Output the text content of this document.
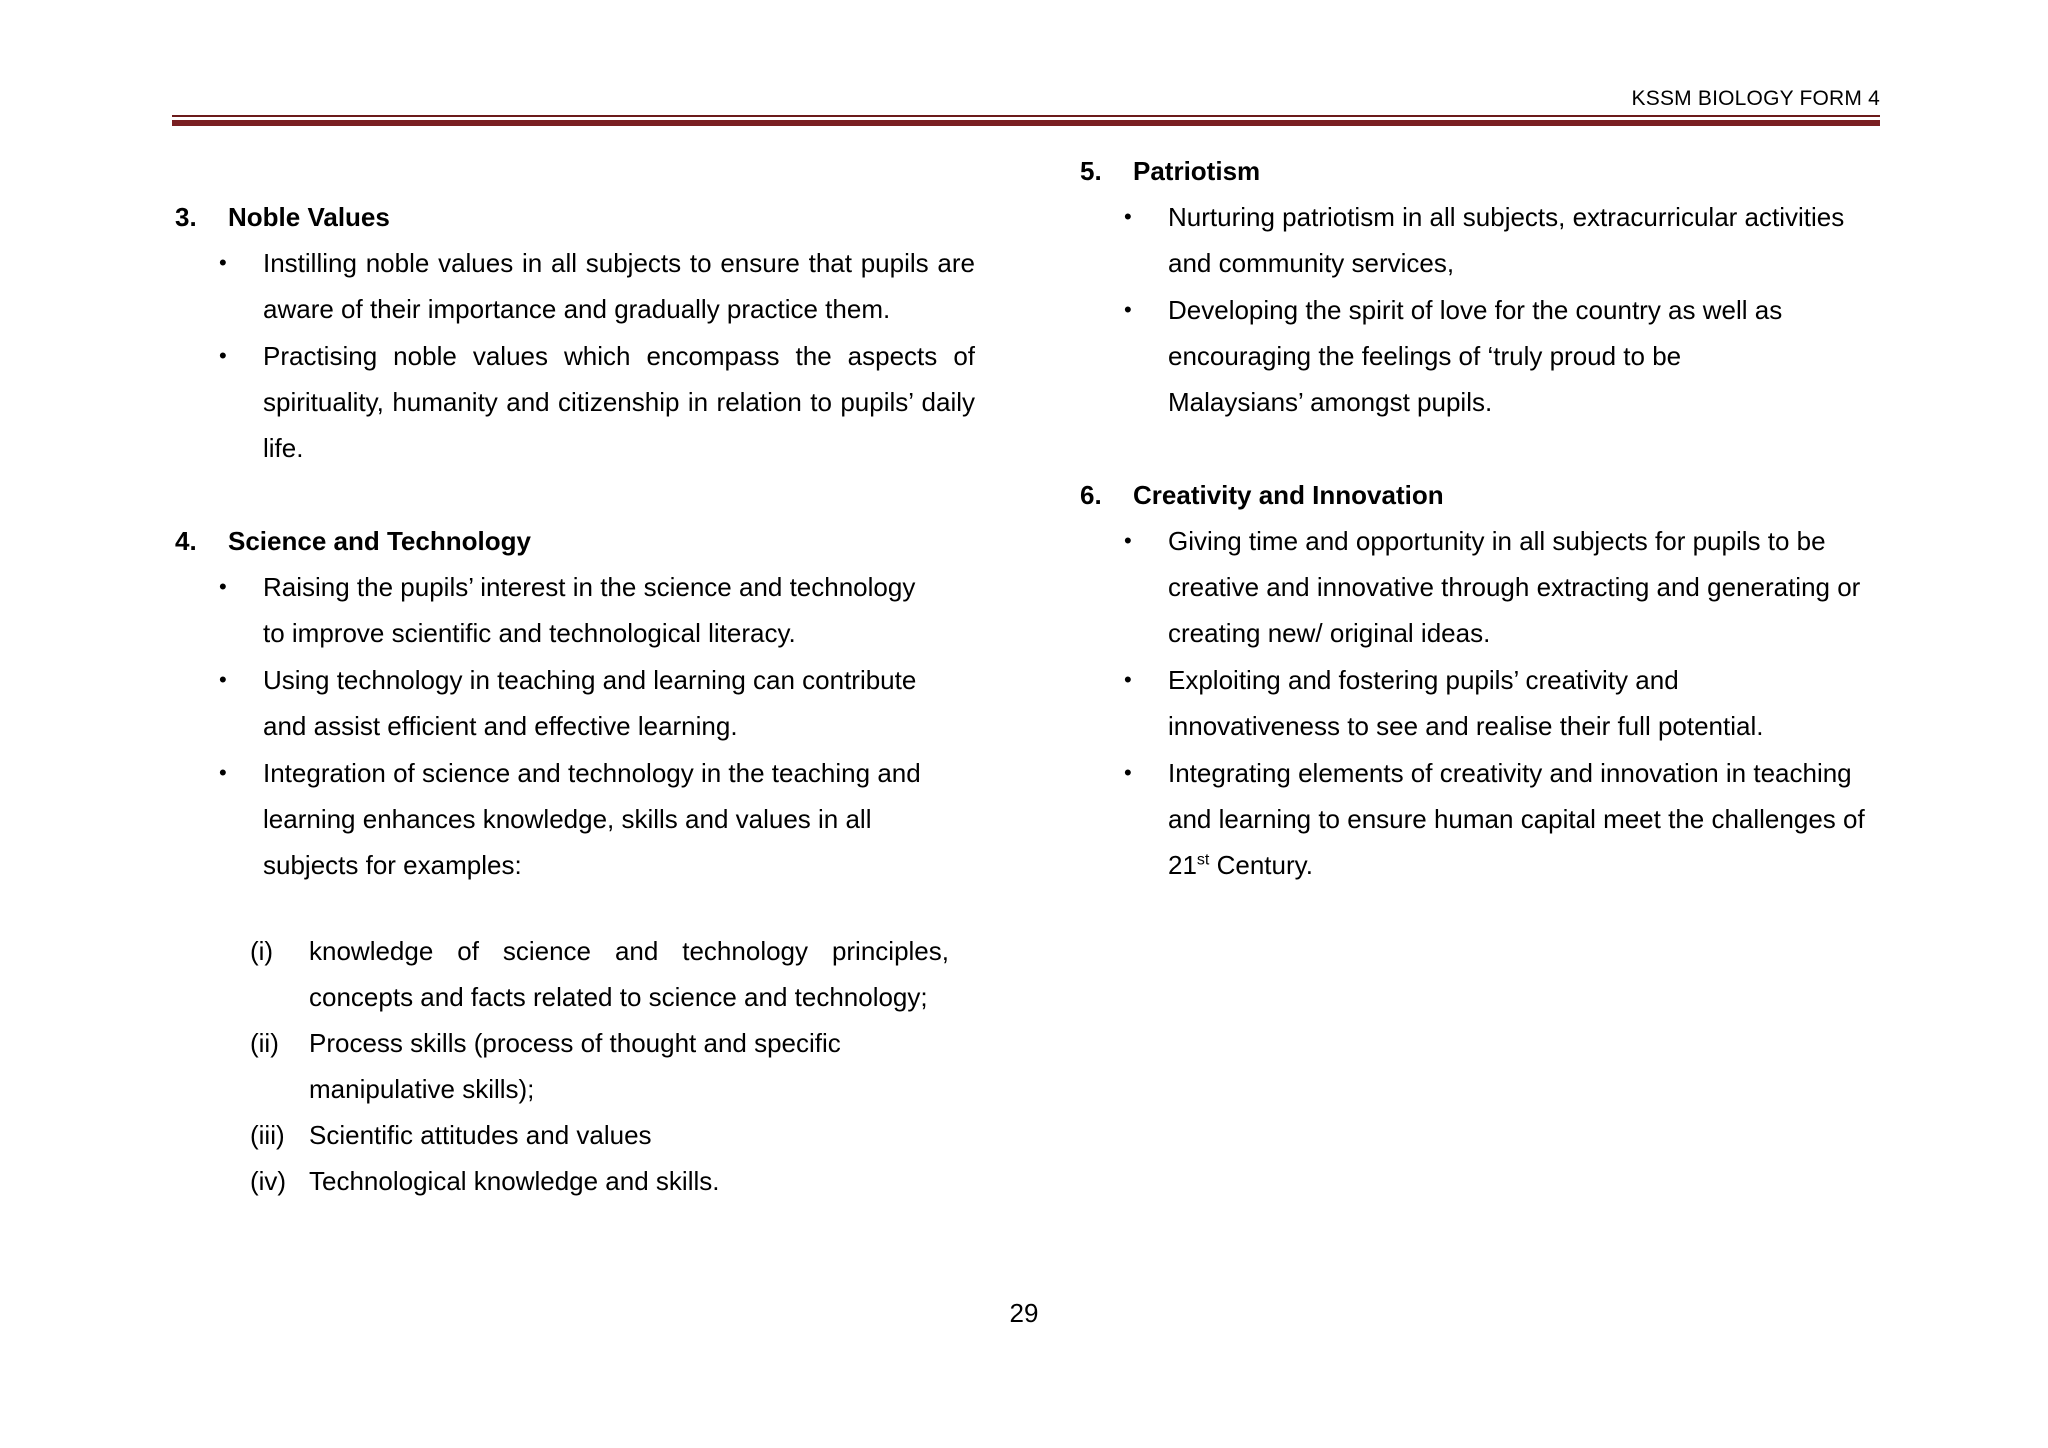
KSSM BIOLOGY FORM 4
3.	Noble Values
• Instilling noble values in all subjects to ensure that pupils are aware of their importance and gradually practice them.
• Practising noble values which encompass the aspects of spirituality, humanity and citizenship in relation to pupils’ daily life.
4.	Science and Technology
• Raising the pupils’ interest in the science and technology to improve scientific and technological literacy.
• Using technology in teaching and learning can contribute and assist efficient and effective learning.
• Integration of science and technology in the teaching and learning enhances knowledge, skills and values in all subjects for examples:
(i) knowledge of science and technology principles, concepts and facts related to science and technology;
(ii) Process skills (process of thought and specific manipulative skills);
(iii) Scientific attitudes and values
(iv) Technological knowledge and skills.
5.	Patriotism
• Nurturing patriotism in all subjects, extracurricular activities and community services,
• Developing the spirit of love for the country as well as encouraging the feelings of ‘truly proud to be Malaysians’ amongst pupils.
6.	Creativity and Innovation
• Giving time and opportunity in all subjects for pupils to be creative and innovative through extracting and generating or creating new/ original ideas.
• Exploiting and fostering pupils’ creativity and innovativeness to see and realise their full potential.
• Integrating elements of creativity and innovation in teaching and learning to ensure human capital meet the challenges of 21st Century.
29
